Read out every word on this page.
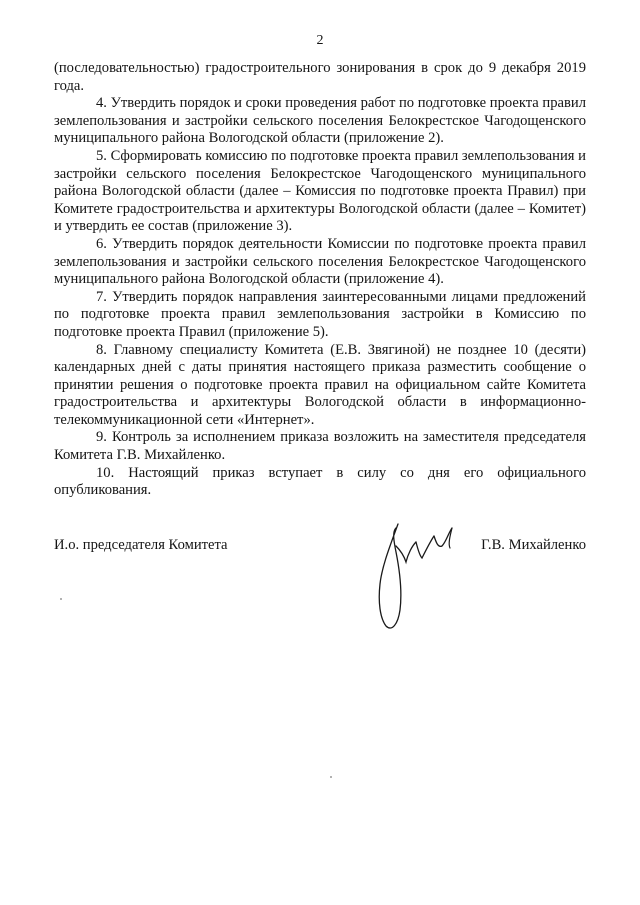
2

(последовательностью) градостроительного зонирования в срок до 9 декабря 2019 года.

4. Утвердить порядок и сроки проведения работ по подготовке проекта правил землепользования и застройки сельского поселения Белокрестское Чагодощенского муниципального района Вологодской области (приложение 2).

5. Сформировать комиссию по подготовке проекта правил землепользования и застройки сельского поселения Белокрестское Чагодощенского муниципального района Вологодской области (далее – Комиссия по подготовке проекта Правил) при Комитете градостроительства и архитектуры Вологодской области (далее – Комитет) и утвердить ее состав (приложение 3).

6. Утвердить порядок деятельности Комиссии по подготовке проекта правил землепользования и застройки сельского поселения Белокрестское Чагодощенского муниципального района Вологодской области (приложение 4).

7. Утвердить порядок направления заинтересованными лицами предложений по подготовке проекта правил землепользования застройки в Комиссию по подготовке проекта Правил (приложение 5).

8. Главному специалисту Комитета (Е.В. Звягиной) не позднее 10 (десяти) календарных дней с даты принятия настоящего приказа разместить сообщение о принятии решения о подготовке проекта правил на официальном сайте Комитета градостроительства и архитектуры Вологодской области в информационно-телекоммуникационной сети «Интернет».

9. Контроль за исполнением приказа возложить на заместителя председателя Комитета Г.В. Михайленко.

10. Настоящий приказ вступает в силу со дня его официального опубликования.

И.о. председателя Комитета	Г.В. Михайленко
